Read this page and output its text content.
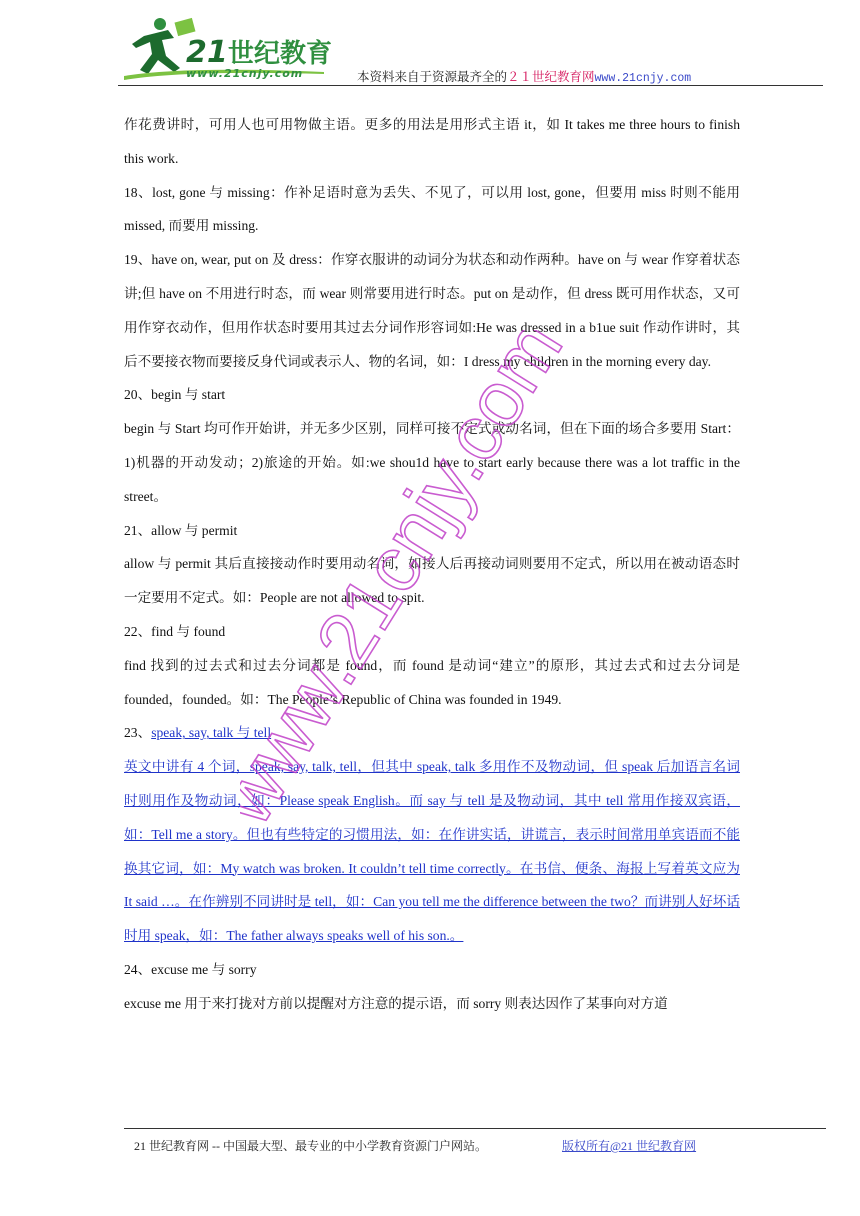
21 世纪教育
www.21cnjy.com	本资料来自于资源最齐全的２１世纪教育网www.21cnjy.com

作花费讲时，可用人也可用物做主语。更多的用法是用形式主语 it，如 It takes me three hours to finish this work.

18、lost, gone 与 missing：作补足语时意为丢失、不见了，可以用 lost, gone，但要用 miss 时则不能用 missed, 而要用 missing.

19、have on, wear, put on 及 dress：作穿衣服讲的动词分为状态和动作两种。have on 与 wear 作穿着状态讲;但 have on 不用进行时态，而 wear 则常要用进行时态。put on 是动作，但 dress 既可用作状态，又可用作穿衣动作，但用作状态时要用其过去分词作形容词如:He was dressed in a b1ue suit 作动作讲时，其后不要接衣物而要接反身代词或表示人、物的名词，如：I dress my children in the morning every day.

20、begin 与 start

begin 与 Start 均可作开始讲，并无多少区别，同样可接不定式或动名词，但在下面的场合多要用 Start：1)机器的开动发动；2)旅途的开始。如:we shou1d have to start early because there was a lot traffic in the street。

21、allow 与 permit

allow 与 permit 其后直接接动作时要用动名词，如接人后再接动词则要用不定式，所以用在被动语态时一定要用不定式。如：People are not allowed to spit.

22、find 与 found

find 找到的过去式和过去分词都是 found，而 found 是动词“建立”的原形，其过去式和过去分词是 founded，founded。如：The People’s Republic of China was founded in 1949.

23、speak, say, talk 与 tell

英文中讲有 4 个词，speak, say, talk, tell，但其中 speak, talk 多用作不及物动词，但 speak 后加语言名词时则用作及物动词，如：Please speak English。而 say 与 tell 是及物动词，其中 tell 常用作接双宾语，如：Tell me a story。但也有些特定的习惯用法，如：在作讲实话，讲谎言，表示时间常用单宾语而不能换其它词，如：My watch was broken. It couldn’t tell time correctly。在书信、便条、海报上写着英文应为 It said …。在作辨别不同讲时是 tell，如：Can you tell me the difference between the two？而讲别人好坏话时用 speak，如：The father always speaks well of his son.。

24、excuse me 与 sorry

excuse me 用于来打拢对方前以提醒对方注意的提示语，而 sorry 则表达因作了某事向对方道

www.21cnjy.com
21 世纪教育网 -- 中国最大型、最专业的中小学教育资源门户网站。	版权所有@21 世纪教育网
